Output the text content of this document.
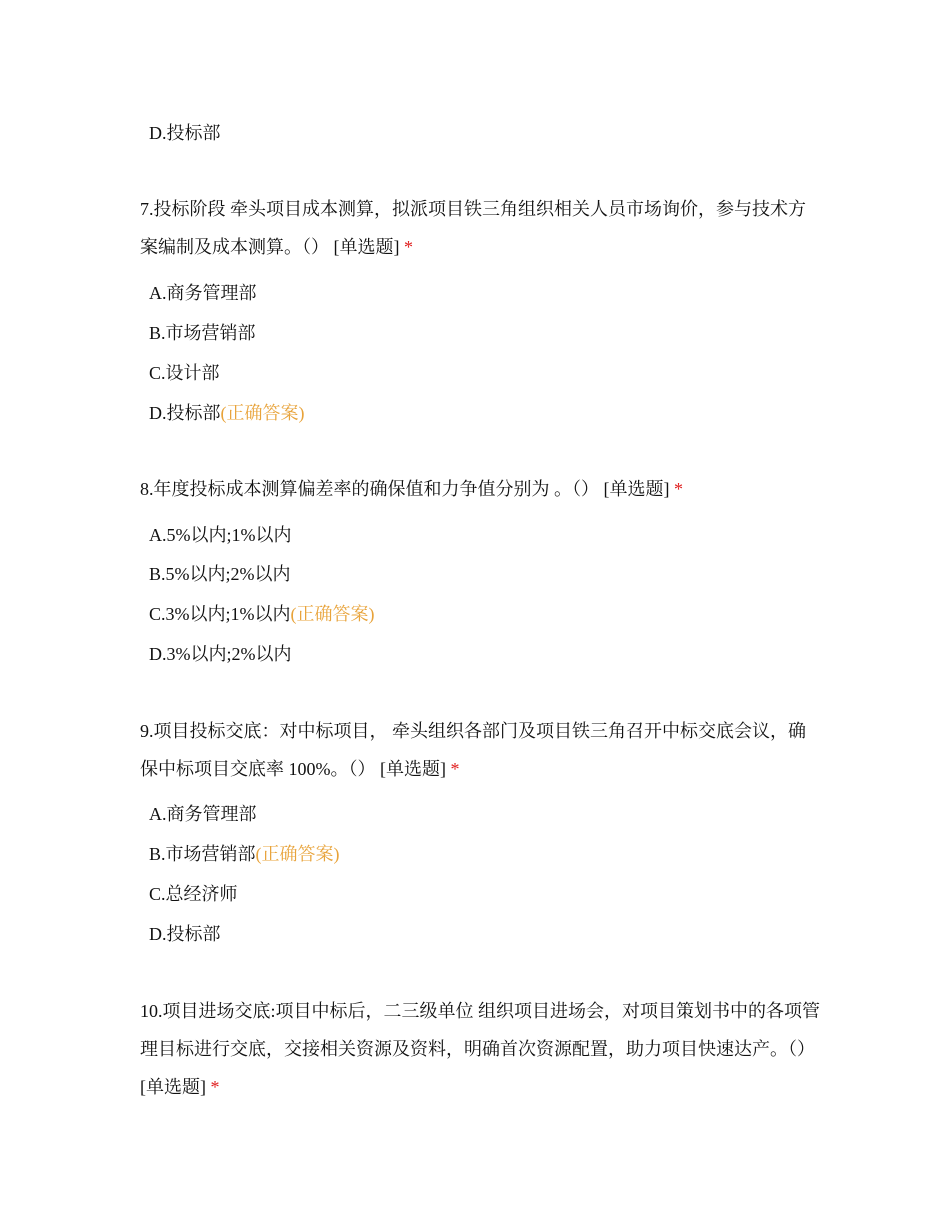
D.投标部
7.投标阶段 牵头项目成本测算，拟派项目铁三角组织相关人员市场询价，参与技术方案编制及成本测算。（） [单选题] *
A.商务管理部
B.市场营销部
C.设计部
D.投标部(正确答案)
8.年度投标成本测算偏差率的确保值和力争值分别为 。（） [单选题] *
A.5%以内;1%以内
B.5%以内;2%以内
C.3%以内;1%以内(正确答案)
D.3%以内;2%以内
9.项目投标交底：对中标项目， 牵头组织各部门及项目铁三角召开中标交底会议，确保中标项目交底率 100%。（） [单选题] *
A.商务管理部
B.市场营销部(正确答案)
C.总经济师
D.投标部
10.项目进场交底:项目中标后，二三级单位 组织项目进场会，对项目策划书中的各项管理目标进行交底，交接相关资源及资料，明确首次资源配置，助力项目快速达产。（） [单选题] *
